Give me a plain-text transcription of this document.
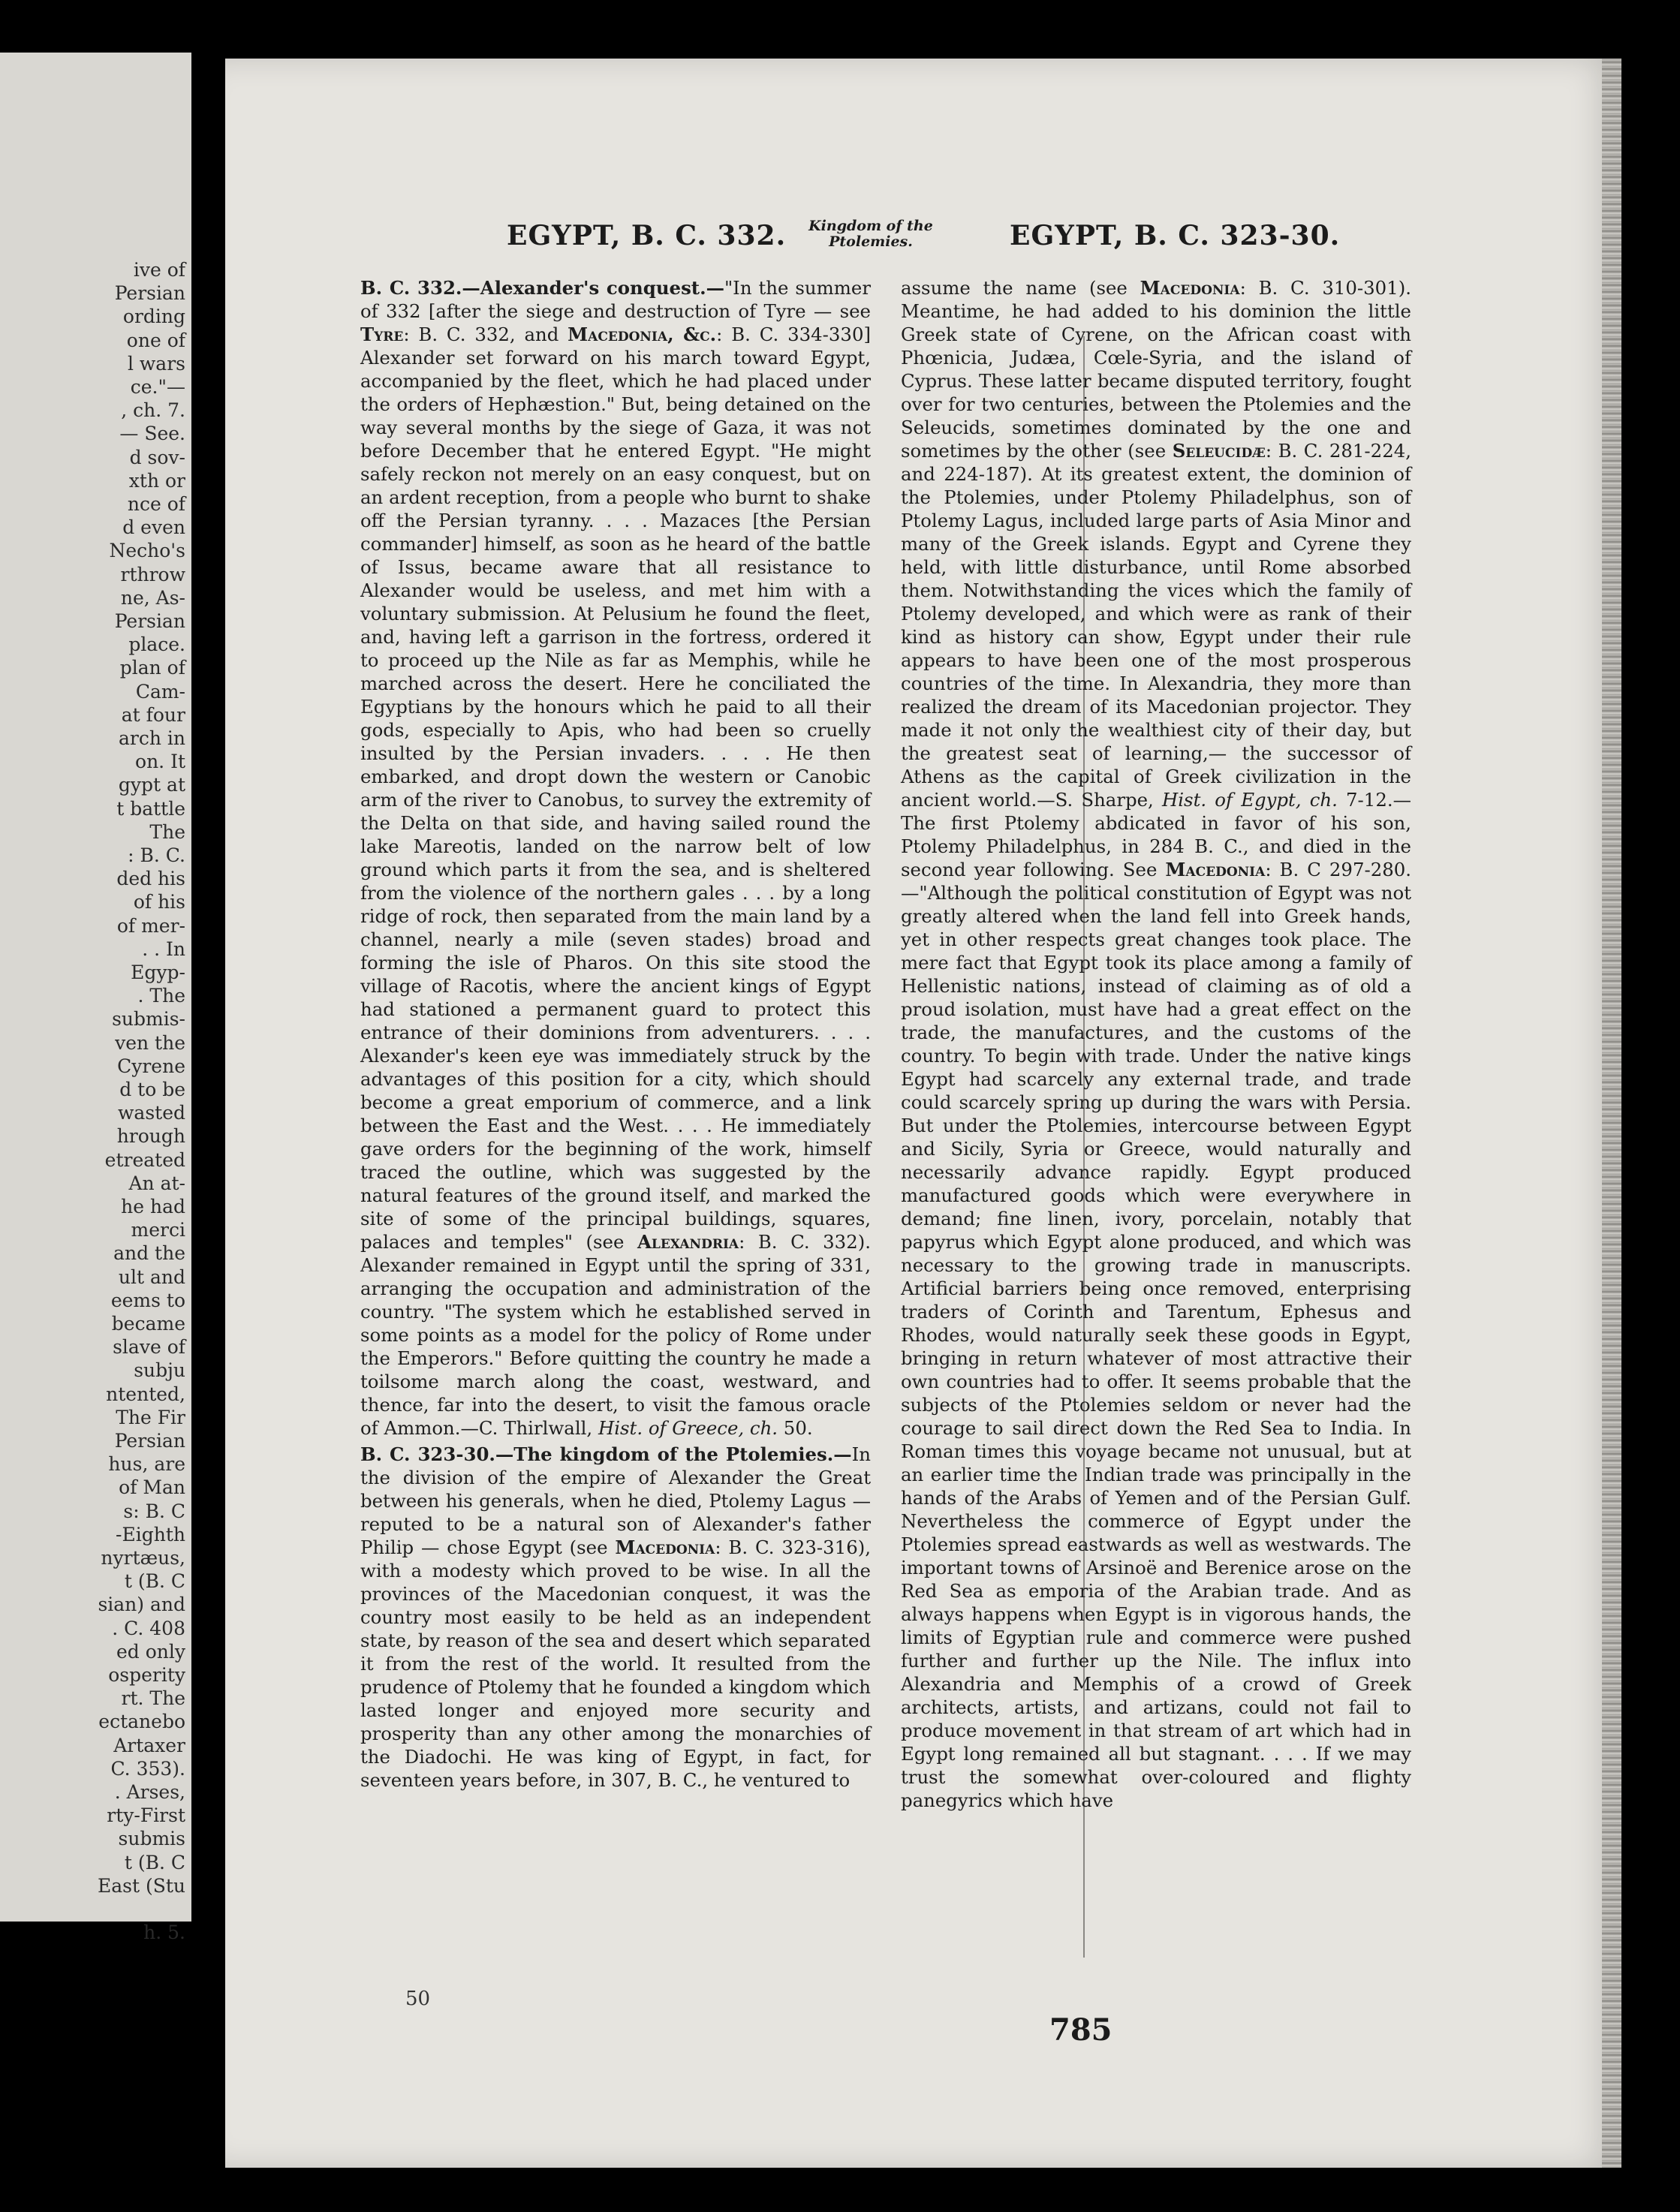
ive of
Persian
ording
one of
l wars
ce."—
, ch. 7.
— See.
d sov-
xth or
nce of
d even
Necho's
rthrow
ne, As-
Persian
place.
plan of
Cam-
at four
arch in
on. It
gypt at
t battle
The
: B. C.
ded his
of his
of mer-
. . In
Egyp-
. The
submis-
ven the
Cyrene
d to be
wasted
hrough
etreated
An at-
he had
merci
and the
ult and
eems to
became
slave of
subju
ntented,
The Fir
Persian
hus, are
of Man
s: B. C
-Eighth
nyrtæus,
t (B. C
sian) and
. C. 408
ed only
osperity
rt. The
ectanebo
Artaxer
C. 353).
. Arses,
rty-First
submis
t (B. C
East (Stu
h. 5.
EGYPT, B. C. 332.	Kingdom of the
Ptolemies.	EGYPT, B. C. 323-30.

B. C. 332.—Alexander's conquest.—"In the summer of 332 [after the siege and destruction of Tyre — see Tyre: B. C. 332, and Macedonia, &c.: B. C. 334-330] Alexander set forward on his march toward Egypt, accompanied by the fleet, which he had placed under the orders of Hephæstion." But, being detained on the way several months by the siege of Gaza, it was not before December that he entered Egypt. "He might safely reckon not merely on an easy conquest, but on an ardent reception, from a people who burnt to shake off the Persian tyranny. . . . Mazaces [the Persian commander] himself, as soon as he heard of the battle of Issus, became aware that all resistance to Alexander would be useless, and met him with a voluntary submission. At Pelusium he found the fleet, and, having left a garrison in the fortress, ordered it to proceed up the Nile as far as Memphis, while he marched across the desert. Here he conciliated the Egyptians by the honours which he paid to all their gods, especially to Apis, who had been so cruelly insulted by the Persian invaders. . . . He then embarked, and dropt down the western or Canobic arm of the river to Canobus, to survey the extremity of the Delta on that side, and having sailed round the lake Mareotis, landed on the narrow belt of low ground which parts it from the sea, and is sheltered from the violence of the northern gales . . . by a long ridge of rock, then separated from the main land by a channel, nearly a mile (seven stades) broad and forming the isle of Pharos. On this site stood the village of Racotis, where the ancient kings of Egypt had stationed a permanent guard to protect this entrance of their dominions from adventurers. . . . Alexander's keen eye was immediately struck by the advantages of this position for a city, which should become a great emporium of commerce, and a link between the East and the West. . . . He immediately gave orders for the beginning of the work, himself traced the outline, which was suggested by the natural features of the ground itself, and marked the site of some of the principal buildings, squares, palaces and temples" (see Alexandria: B. C. 332). Alexander remained in Egypt until the spring of 331, arranging the occupation and administration of the country. "The system which he established served in some points as a model for the policy of Rome under the Emperors." Before quitting the country he made a toilsome march along the coast, westward, and thence, far into the desert, to visit the famous oracle of Ammon.—C. Thirlwall, Hist. of Greece, ch. 50.

B. C. 323-30.—The kingdom of the Ptolemies.—In the division of the empire of Alexander the Great between his generals, when he died, Ptolemy Lagus — reputed to be a natural son of Alexander's father Philip — chose Egypt (see Macedonia: B. C. 323-316), with a modesty which proved to be wise. In all the provinces of the Macedonian conquest, it was the country most easily to be held as an independent state, by reason of the sea and desert which separated it from the rest of the world. It resulted from the prudence of Ptolemy that he founded a kingdom which lasted longer and enjoyed more security and prosperity than any other among the monarchies of the Diadochi. He was king of Egypt, in fact, for seventeen years before, in 307, B. C., he ventured to

assume the name (see Macedonia: B. C. 310-301). Meantime, he had added to his dominion the little Greek state of Cyrene, on the African coast with Phœnicia, Judæa, Cœle-Syria, and the island of Cyprus. These latter became disputed territory, fought over for two centuries, between the Ptolemies and the Seleucids, sometimes dominated by the one and sometimes by the other (see Seleucidæ: B. C. 281-224, and 224-187). At its greatest extent, the dominion of the Ptolemies, under Ptolemy Philadelphus, son of Ptolemy Lagus, included large parts of Asia Minor and many of the Greek islands. Egypt and Cyrene they held, with little disturbance, until Rome absorbed them. Notwithstanding the vices which the family of Ptolemy developed, and which were as rank of their kind as history can show, Egypt under their rule appears to have been one of the most prosperous countries of the time. In Alexandria, they more than realized the dream of its Macedonian projector. They made it not only the wealthiest city of their day, but the greatest seat of learning,— the successor of Athens as the capital of Greek civilization in the ancient world.—S. Sharpe, Hist. of Egypt, ch. 7-12.— The first Ptolemy abdicated in favor of his son, Ptolemy Philadelphus, in 284 B. C., and died in the second year following. See Macedonia: B. C 297-280.—"Although the political constitution of Egypt was not greatly altered when the land fell into Greek hands, yet in other respects great changes took place. The mere fact that Egypt took its place among a family of Hellenistic nations, instead of claiming as of old a proud isolation, must have had a great effect on the trade, the manufactures, and the customs of the country. To begin with trade. Under the native kings Egypt had scarcely any external trade, and trade could scarcely spring up during the wars with Persia. But under the Ptolemies, intercourse between Egypt and Sicily, Syria or Greece, would naturally and necessarily advance rapidly. Egypt produced manufactured goods which were everywhere in demand; fine linen, ivory, porcelain, notably that papyrus which Egypt alone produced, and which was necessary to the growing trade in manuscripts. Artificial barriers being once removed, enterprising traders of Corinth and Tarentum, Ephesus and Rhodes, would naturally seek these goods in Egypt, bringing in return whatever of most attractive their own countries had to offer. It seems probable that the subjects of the Ptolemies seldom or never had the courage to sail direct down the Red Sea to India. In Roman times this voyage became not unusual, but at an earlier time the Indian trade was principally in the hands of the Arabs of Yemen and of the Persian Gulf. Nevertheless the commerce of Egypt under the Ptolemies spread eastwards as well as westwards. The important towns of Arsinoë and Berenice arose on the Red Sea as emporia of the Arabian trade. And as always happens when Egypt is in vigorous hands, the limits of Egyptian rule and commerce were pushed further and further up the Nile. The influx into Alexandria and Memphis of a crowd of Greek architects, artists, and artizans, could not fail to produce movement in that stream of art which had in Egypt long remained all but stagnant. . . . If we may trust the somewhat over-coloured and flighty panegyrics which have

50
785
